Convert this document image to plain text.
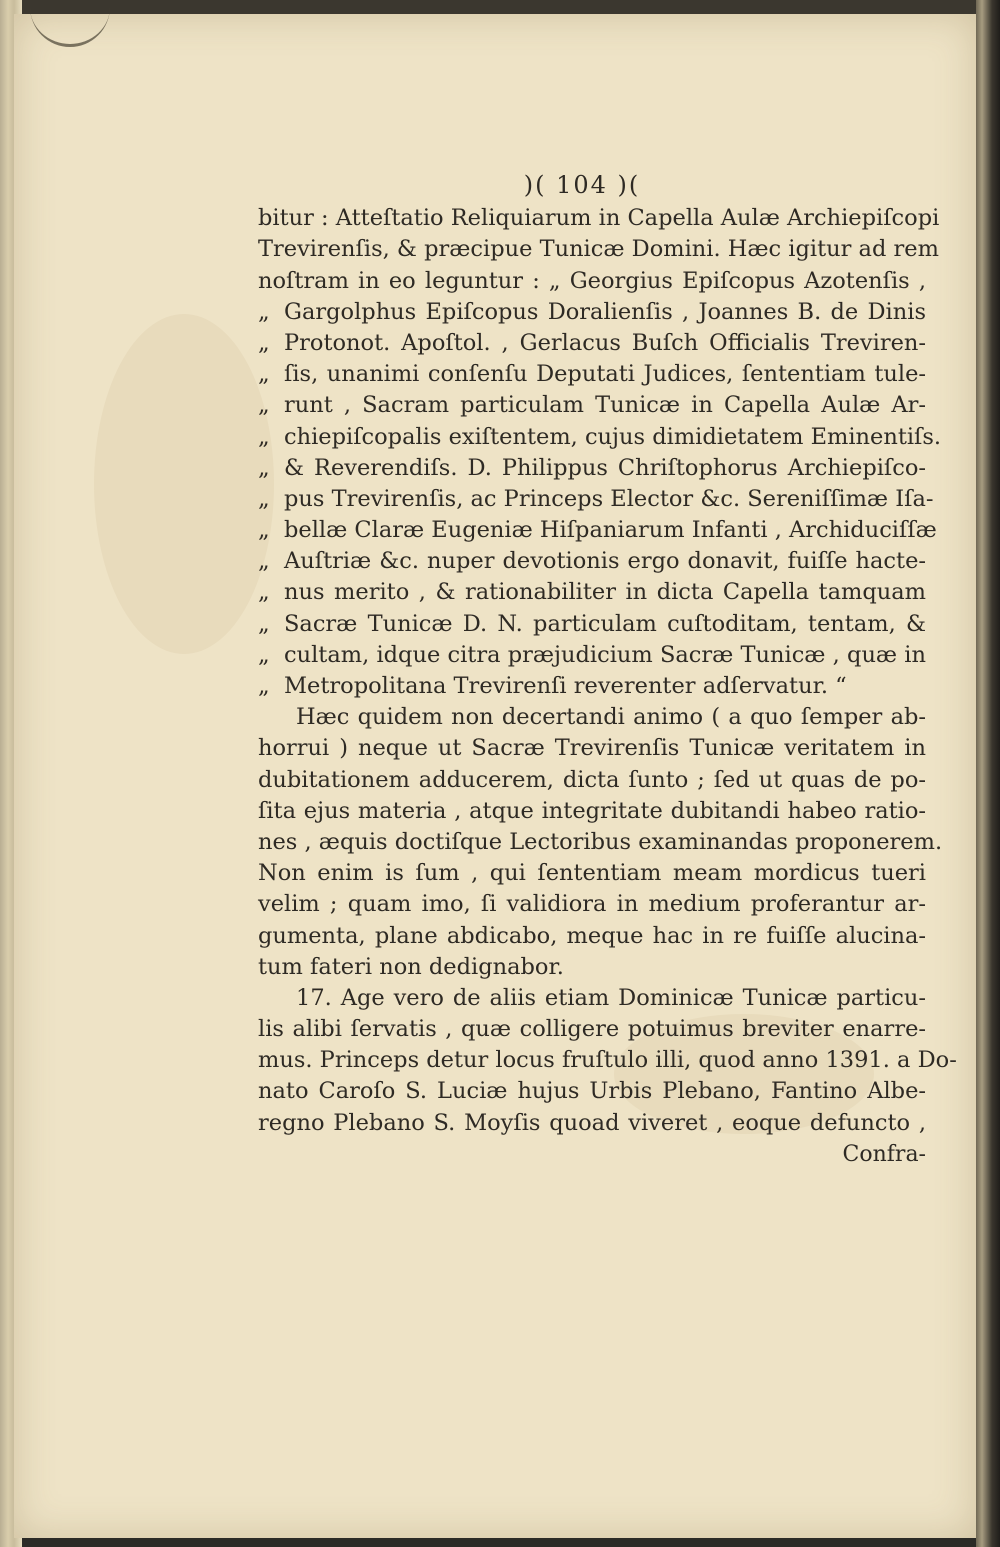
)( 104 )(
bitur : Atteſtatio Reliquiarum in Capella Aulæ Archiepiſcopi
Trevirenſis, & præcipue Tunicæ Domini. Hæc igitur ad rem
noſtram in eo leguntur : „ Georgius Epiſcopus Azotenſis ,
„ Gargolphus Epiſcopus Doralienſis , Joannes B. de Dinis
„ Protonot. Apoſtol. , Gerlacus Buſch Officialis Treviren-
„ ſis, unanimi conſenſu Deputati Judices, ſententiam tule-
„ runt , Sacram particulam Tunicæ in Capella Aulæ Ar-
„ chiepiſcopalis exiſtentem, cujus dimidietatem Eminentiſs.
„ & Reverendiſs. D. Philippus Chriſtophorus Archiepiſco-
„ pus Trevirenſis, ac Princeps Elector &c. Sereniſſimæ Iſa-
„ bellæ Claræ Eugeniæ Hiſpaniarum Infanti , Archiduciſſæ
„ Auſtriæ &c. nuper devotionis ergo donavit, fuiſſe hacte-
„ nus merito , & rationabiliter in dicta Capella tamquam
„ Sacræ Tunicæ D. N. particulam cuſtoditam, tentam, &
„ cultam, idque citra præjudicium Sacræ Tunicæ , quæ in
„ Metropolitana Trevirenſi reverenter adſervatur. “
Hæc quidem non decertandi animo ( a quo ſemper ab-
horrui ) neque ut Sacræ Trevirenſis Tunicæ veritatem in
dubitationem adducerem, dicta ſunto ; ſed ut quas de po-
ſita ejus materia , atque integritate dubitandi habeo ratio-
nes , æquis doctiſque Lectoribus examinandas proponerem.
Non enim is ſum , qui ſententiam meam mordicus tueri
velim ; quam imo, ſi validiora in medium proferantur ar-
gumenta, plane abdicabo, meque hac in re fuiſſe alucina-
tum fateri non dedignabor.
17. Age vero de aliis etiam Dominicæ Tunicæ particu-
lis alibi ſervatis , quæ colligere potuimus breviter enarre-
mus. Princeps detur locus fruſtulo illi, quod anno 1391. a Do-
nato Caroſo S. Luciæ hujus Urbis Plebano, Fantino Albe-
regno Plebano S. Moyſis quoad viveret , eoque defuncto ,
Confra-
